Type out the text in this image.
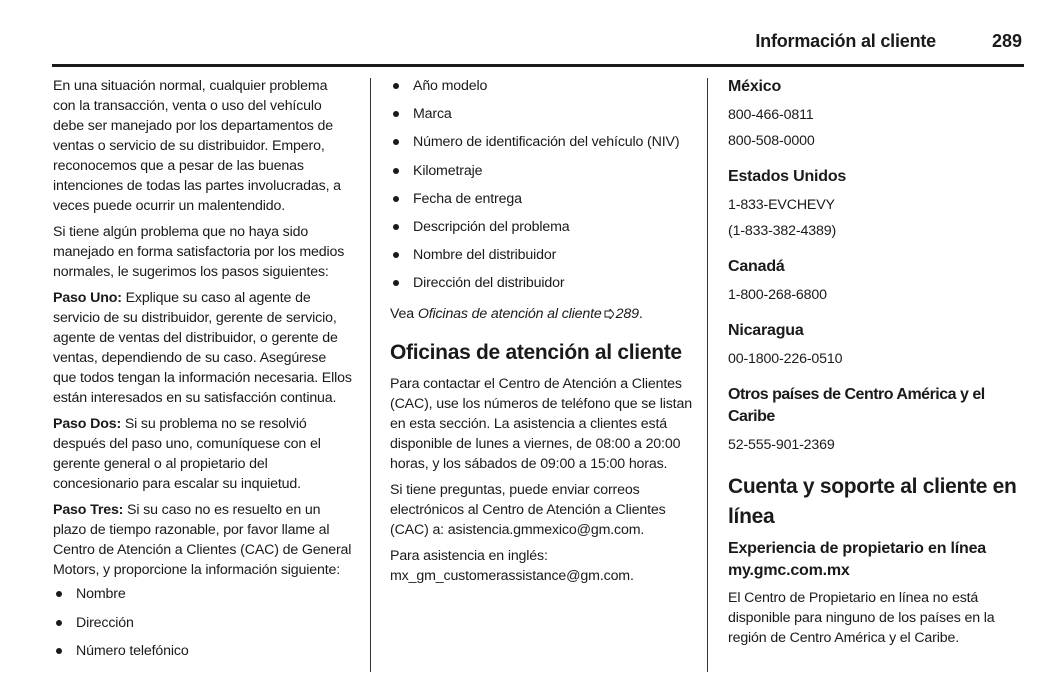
Información al cliente	289

En una situación normal, cualquier problema con la transacción, venta o uso del vehículo debe ser manejado por los departamentos de ventas o servicio de su distribuidor. Empero, reconocemos que a pesar de las buenas intenciones de todas las partes involucradas, a veces puede ocurrir un malentendido.

Si tiene algún problema que no haya sido manejado en forma satisfactoria por los medios normales, le sugerimos los pasos siguientes:

Paso Uno: Explique su caso al agente de servicio de su distribuidor, gerente de servicio, agente de ventas del distribuidor, o gerente de ventas, dependiendo de su caso. Asegúrese que todos tengan la información necesaria. Ellos están interesados en su satisfacción continua.

Paso Dos: Si su problema no se resolvió después del paso uno, comuníquese con el gerente general o al propietario del concesionario para escalar su inquietud.

Paso Tres: Si su caso no es resuelto en un plazo de tiempo razonable, por favor llame al Centro de Atención a Clientes (CAC) de General Motors, y proporcione la información siguiente:

Nombre
Dirección
Número telefónico
Año modelo
Marca
Número de identificación del vehículo (NIV)
Kilometraje
Fecha de entrega
Descripción del problema
Nombre del distribuidor
Dirección del distribuidor

Vea Oficinas de atención al cliente 289.

Oficinas de atención al cliente

Para contactar el Centro de Atención a Clientes (CAC), use los números de teléfono que se listan en esta sección. La asistencia a clientes está disponible de lunes a viernes, de 08:00 a 20:00 horas, y los sábados de 09:00 a 15:00 horas.

Si tiene preguntas, puede enviar correos electrónicos al Centro de Atención a Clientes (CAC) a: asistencia.gmmexico@gm.com.

Para asistencia en inglés:
mx_gm_customerassistance@gm.com.

México
800-466-0811
800-508-0000
Estados Unidos
1-833-EVCHEVY
(1-833-382-4389)
Canadá
1-800-268-6800
Nicaragua
00-1800-226-0510
Otros países de Centro América y el Caribe
52-555-901-2369
Cuenta y soporte al cliente en línea
Experiencia de propietario en línea my.gmc.com.mx

El Centro de Propietario en línea no está disponible para ninguno de los países en la región de Centro América y el Caribe.
